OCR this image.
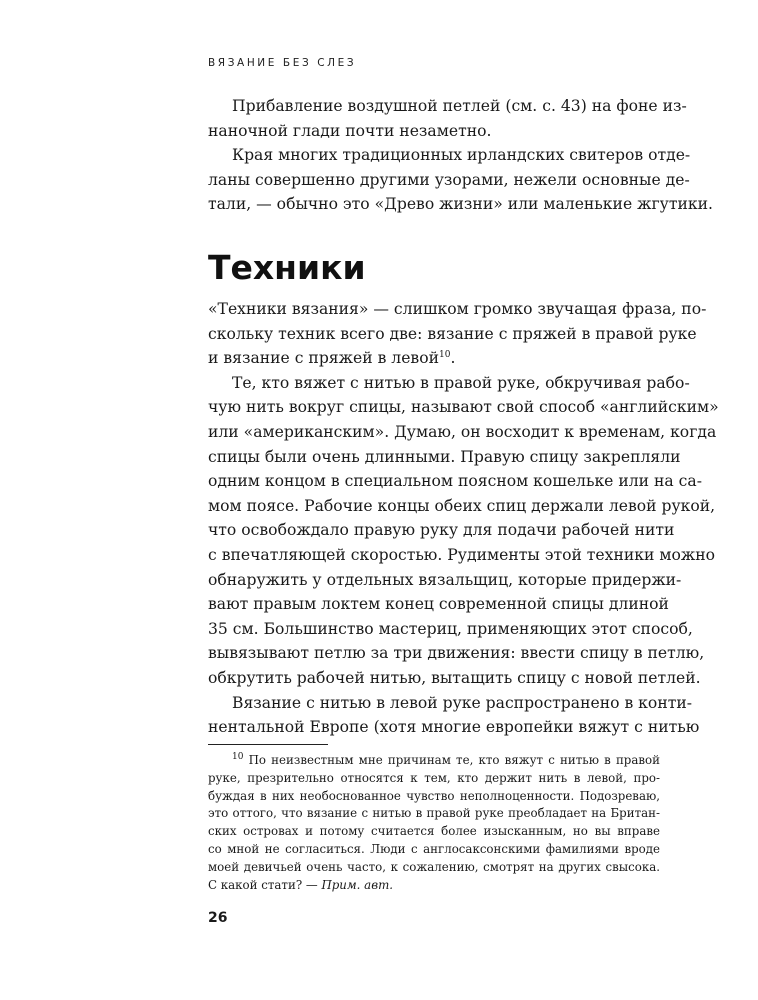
ВЯЗАНИЕ БЕЗ СЛЕЗ

Прибавление воздушной петлей (см. с. 43) на фоне из-
наночной глади почти незаметно.

Края многих традиционных ирландских свитеров отде-
ланы совершенно другими узорами, нежели основные де-
тали, — обычно это «Древо жизни» или маленькие жгутики.

Техники

«Техники вязания» — слишком громко звучащая фраза, по-
скольку техник всего две: вязание с пряжей в правой руке
и вязание с пряжей в левой$^{10}$.

Те, кто вяжет с нитью в правой руке, обкручивая рабо-
чую нить вокруг спицы, называют свой способ «английским»
или «американским». Думаю, он восходит к временам, когда
спицы были очень длинными. Правую спицу закрепляли
одним концом в специальном поясном кошельке или на са-
мом поясе. Рабочие концы обеих спиц держали левой рукой,
что освобождало правую руку для подачи рабочей нити
с впечатляющей скоростью. Рудименты этой техники можно
обнаружить у отдельных вязальщиц, которые придержи-
вают правым локтем конец современной спицы длиной
35 см. Большинство мастериц, применяющих этот способ,
вывязывают петлю за три движения: ввести спицу в петлю,
обкрутить рабочей нитью, вытащить спицу с новой петлей.

Вязание с нитью в левой руке распространено в конти-
нентальной Европе (хотя многие европейки вяжут с нитью

$^{10}$ По неизвестным мне причинам те, кто вяжут с нитью в правой
руке, презрительно относятся к тем, кто держит нить в левой, про-
буждая в них необоснованное чувство неполноценности. Подозреваю,
это оттого, что вязание с нитью в правой руке преобладает на Британ-
ских островах и потому считается более изысканным, но вы вправе
со мной не согласиться. Люди с англосаксонскими фамилиями вроде
моей девичьей очень часто, к сожалению, смотрят на других свысока.
С какой стати? — Прим. авт.
26
